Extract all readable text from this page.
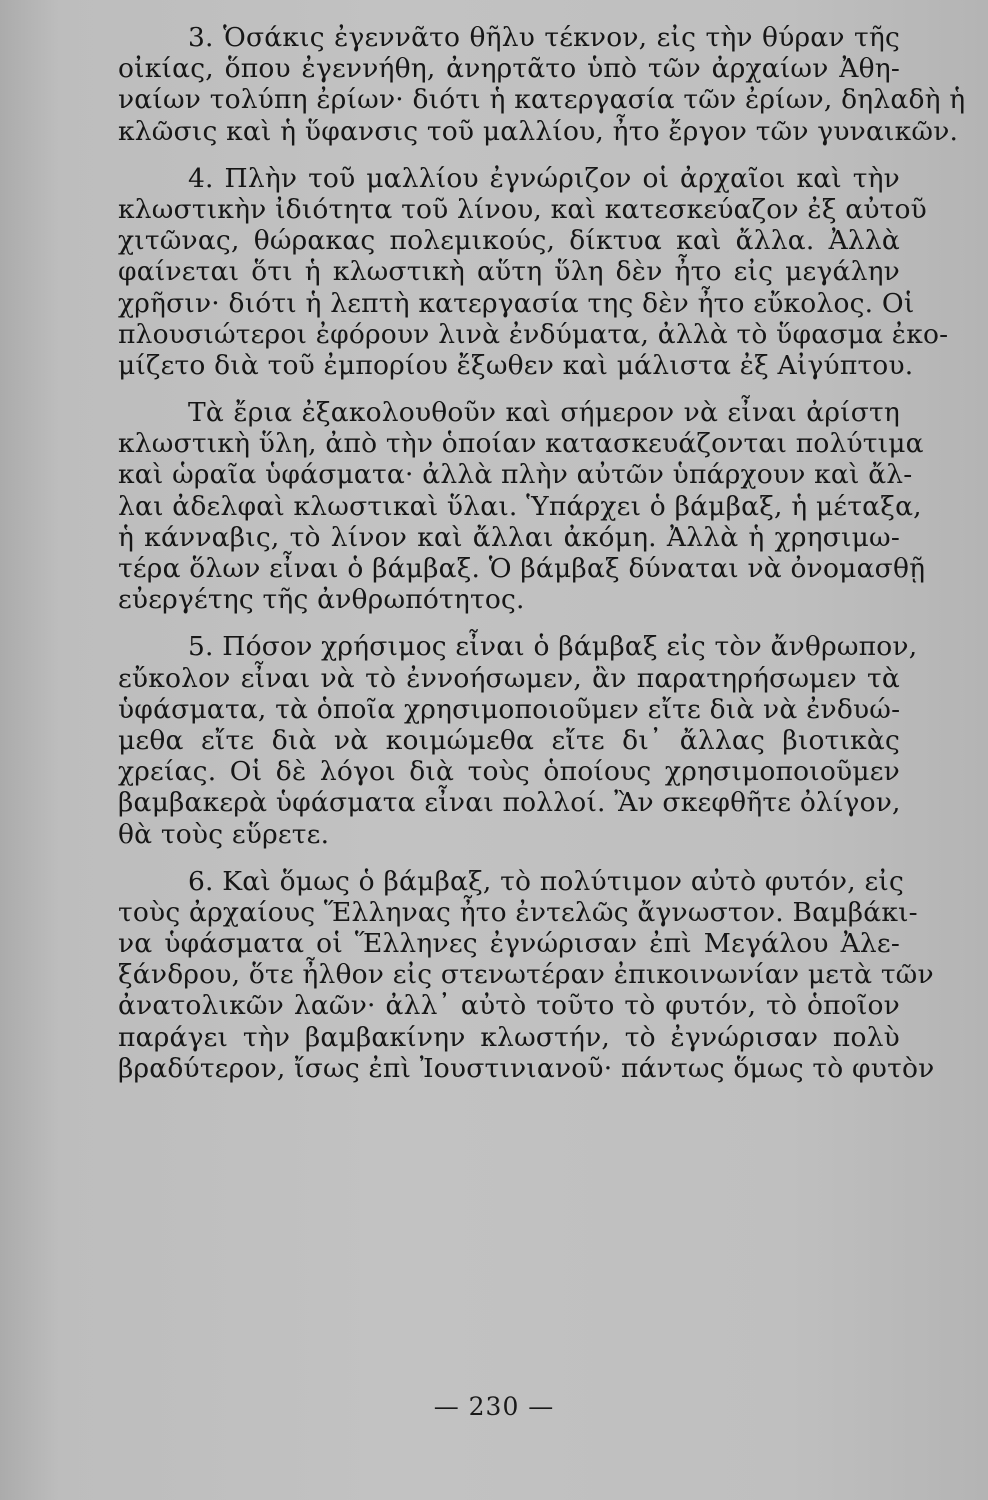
3. Ὁσάκις ἐγεννᾶτο θῆλυ τέκνον, εἰς τὴν θύραν τῆς
οἰκίας, ὅπου ἐγεννήθη, ἀνηρτᾶτο ὑπὸ τῶν ἀρχαίων Ἀθη-
ναίων τολύπη ἐρίων· διότι ἡ κατεργασία τῶν ἐρίων, δηλαδὴ ἡ
κλῶσις καὶ ἡ ὕφανσις τοῦ μαλλίου, ἦτο ἔργον τῶν γυναικῶν.
4. Πλὴν τοῦ μαλλίου ἐγνώριζον οἱ ἀρχαῖοι καὶ τὴν
κλωστικὴν ἰδιότητα τοῦ λίνου, καὶ κατεσκεύαζον ἐξ αὐτοῦ
χιτῶνας, θώρακας πολεμικούς, δίκτυα καὶ ἄλλα. Ἀλλὰ
φαίνεται ὅτι ἡ κλωστικὴ αὕτη ὕλη δὲν ἦτο εἰς μεγάλην
χρῆσιν· διότι ἡ λεπτὴ κατεργασία της δὲν ἦτο εὔκολος. Οἱ
πλουσιώτεροι ἐφόρουν λινὰ ἐνδύματα, ἀλλὰ τὸ ὕφασμα ἐκο-
μίζετο διὰ τοῦ ἐμπορίου ἔξωθεν καὶ μάλιστα ἐξ Αἰγύπτου.
Τὰ ἔρια ἐξακολουθοῦν καὶ σήμερον νὰ εἶναι ἀρίστη
κλωστικὴ ὕλη, ἀπὸ τὴν ὁποίαν κατασκευάζονται πολύτιμα
καὶ ὡραῖα ὑφάσματα· ἀλλὰ πλὴν αὐτῶν ὑπάρχουν καὶ ἄλ-
λαι ἀδελφαὶ κλωστικαὶ ὕλαι. Ὑπάρχει ὁ βάμβαξ, ἡ μέταξα,
ἡ κάνναβις, τὸ λίνον καὶ ἄλλαι ἀκόμη. Ἀλλὰ ἡ χρησιμω-
τέρα ὅλων εἶναι ὁ βάμβαξ. Ὁ βάμβαξ δύναται νὰ ὀνομασθῇ
εὐεργέτης τῆς ἀνθρωπότητος.
5. Πόσον χρήσιμος εἶναι ὁ βάμβαξ εἰς τὸν ἄνθρωπον,
εὔκολον εἶναι νὰ τὸ ἐννοήσωμεν, ἂν παρατηρήσωμεν τὰ
ὑφάσματα, τὰ ὁποῖα χρησιμοποιοῦμεν εἴτε διὰ νὰ ἐνδυώ-
μεθα εἴτε διὰ νὰ κοιμώμεθα εἴτε δι᾽ ἄλλας βιοτικὰς
χρείας. Οἱ δὲ λόγοι διὰ τοὺς ὁποίους χρησιμοποιοῦμεν
βαμβακερὰ ὑφάσματα εἶναι πολλοί. Ἂν σκεφθῆτε ὀλίγον,
θὰ τοὺς εὕρετε.
6. Καὶ ὅμως ὁ βάμβαξ, τὸ πολύτιμον αὐτὸ φυτόν, εἰς
τοὺς ἀρχαίους Ἕλληνας ἦτο ἐντελῶς ἄγνωστον. Βαμβάκι-
να ὑφάσματα οἱ Ἕλληνες ἐγνώρισαν ἐπὶ Μεγάλου Ἀλε-
ξάνδρου, ὅτε ἦλθον εἰς στενωτέραν ἐπικοινωνίαν μετὰ τῶν
ἀνατολικῶν λαῶν· ἀλλ᾽ αὐτὸ τοῦτο τὸ φυτόν, τὸ ὁποῖον
παράγει τὴν βαμβακίνην κλωστήν, τὸ ἐγνώρισαν πολὺ
βραδύτερον, ἴσως ἐπὶ Ἰουστινιανοῦ· πάντως ὅμως τὸ φυτὸν
— 230 —
